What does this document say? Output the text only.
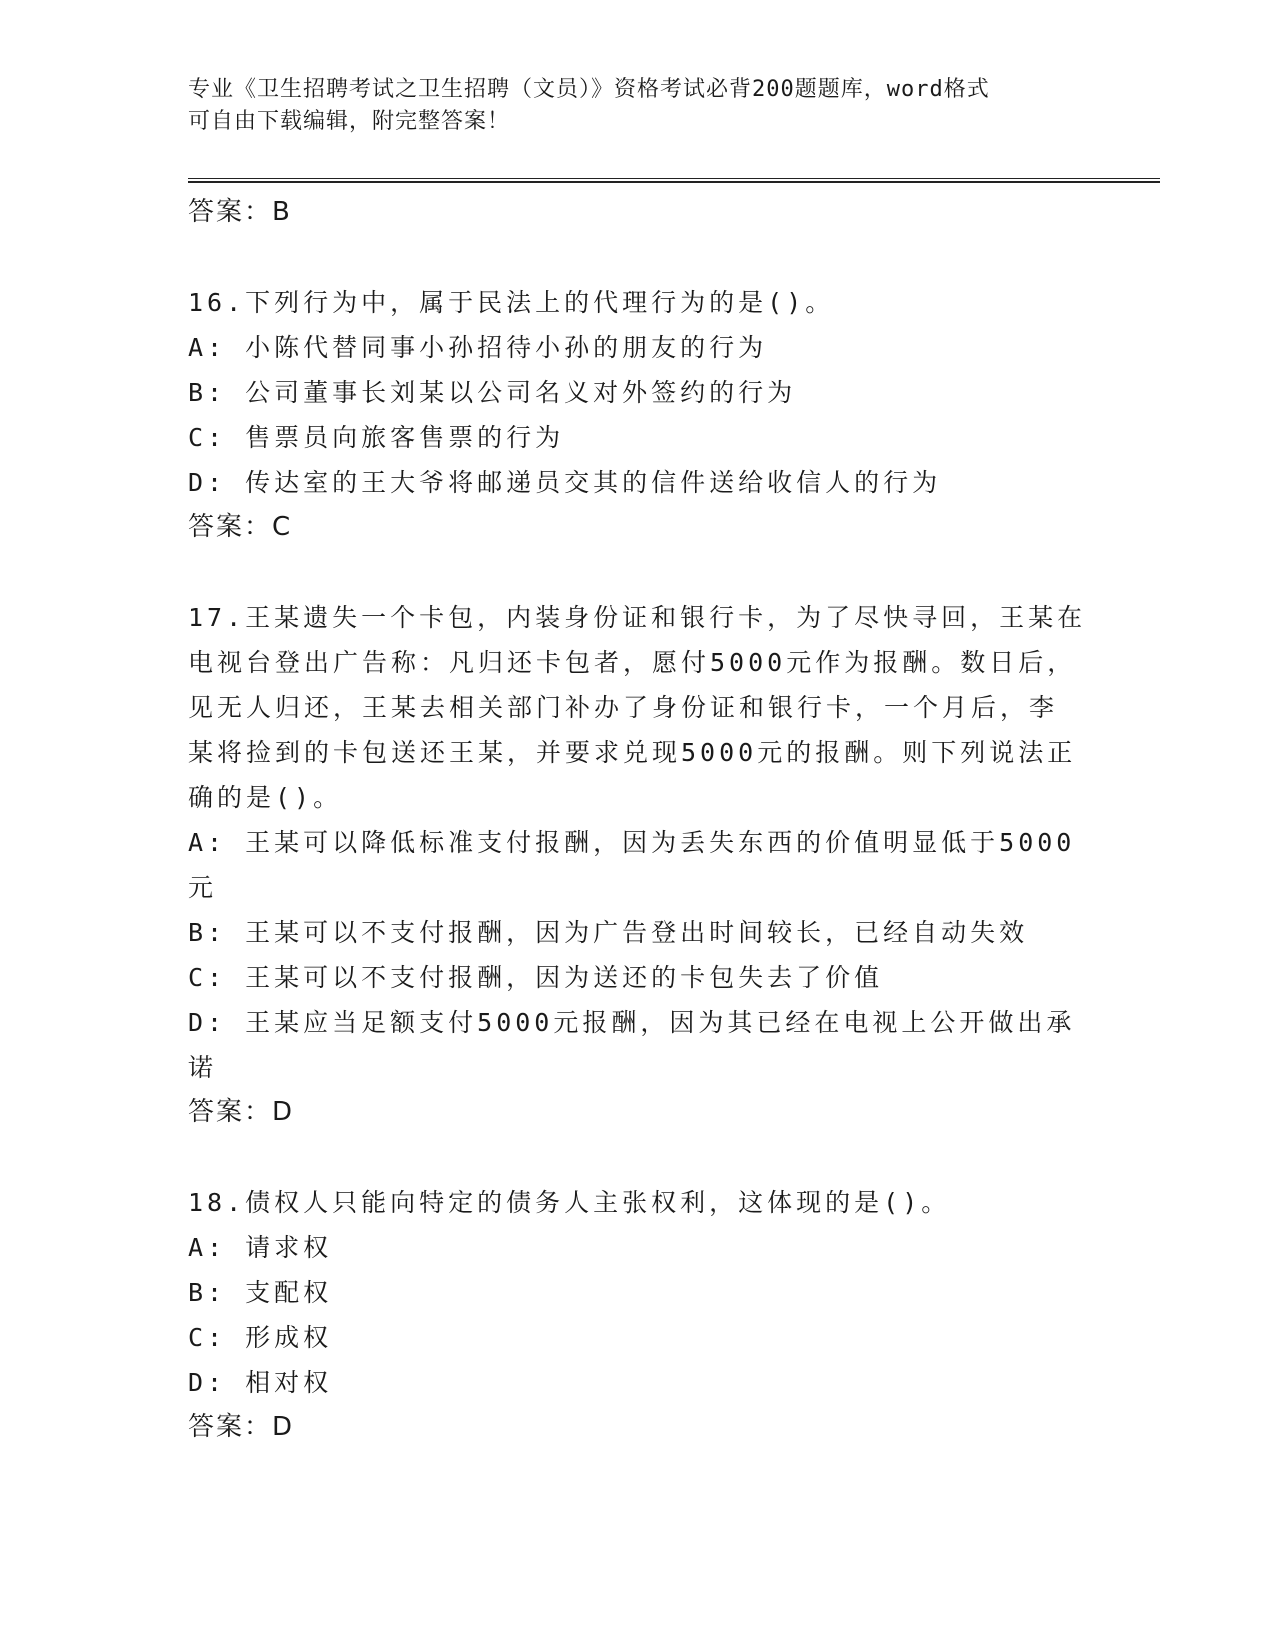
专业《卫生招聘考试之卫生招聘（文员）》资格考试必背200题题库，word格式
可自由下载编辑，附完整答案！
答案：B
16.下列行为中，属于民法上的代理行为的是()。
A: 小陈代替同事小孙招待小孙的朋友的行为
B: 公司董事长刘某以公司名义对外签约的行为
C: 售票员向旅客售票的行为
D: 传达室的王大爷将邮递员交其的信件送给收信人的行为
答案：C
17.王某遗失一个卡包，内装身份证和银行卡，为了尽快寻回，王某在
电视台登出广告称：凡归还卡包者，愿付5000元作为报酬。数日后，
见无人归还，王某去相关部门补办了身份证和银行卡，一个月后，李
某将捡到的卡包送还王某，并要求兑现5000元的报酬。则下列说法正
确的是()。
A: 王某可以降低标准支付报酬，因为丢失东西的价值明显低于5000
元
B: 王某可以不支付报酬，因为广告登出时间较长，已经自动失效
C: 王某可以不支付报酬，因为送还的卡包失去了价值
D: 王某应当足额支付5000元报酬，因为其已经在电视上公开做出承
诺
答案：D
18.债权人只能向特定的债务人主张权利，这体现的是()。
A: 请求权
B: 支配权
C: 形成权
D: 相对权
答案：D
